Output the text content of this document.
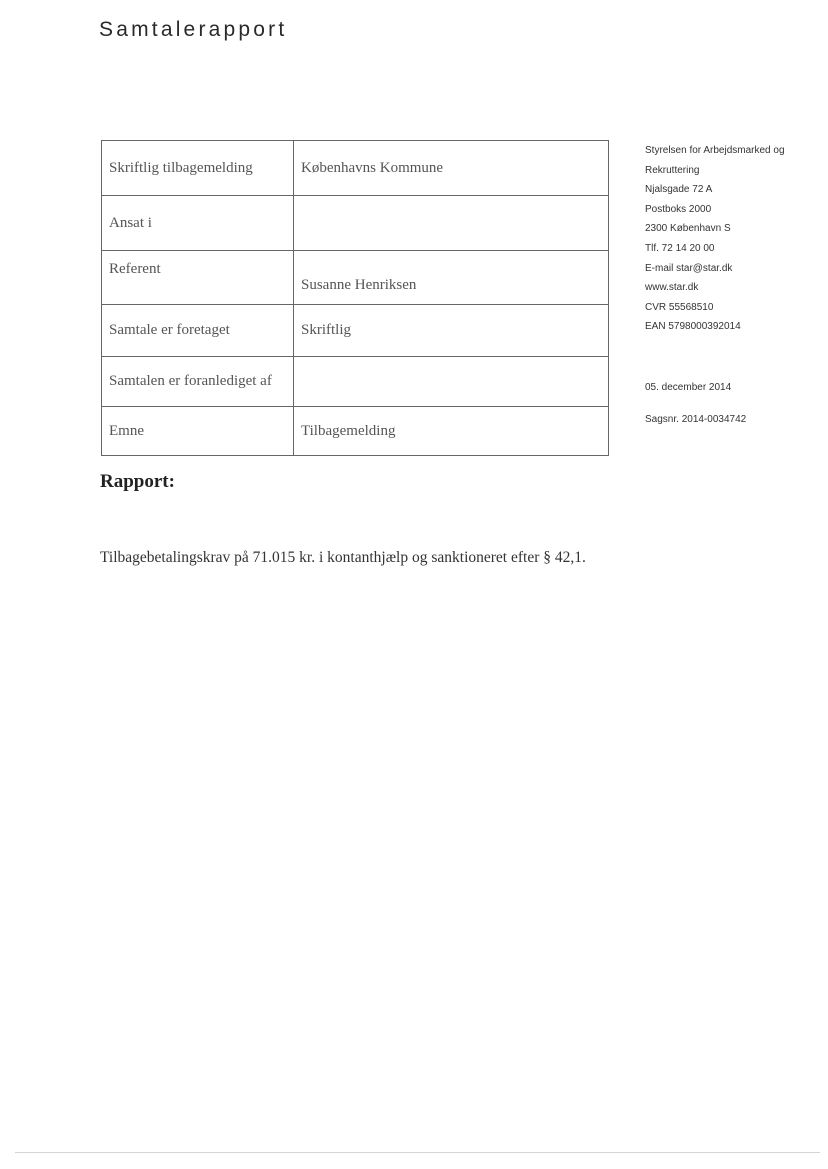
Samtalerapport
Skriftlig tilbagemelding	Københavns Kommune
Ansat i	
Referent	Susanne Henriksen
Samtale er foretaget	Skriftlig
Samtalen er foranlediget af	
Emne	Tilbagemelding
Styrelsen for Arbejdsmarked og
Rekruttering
Njalsgade 72 A
Postboks 2000
2300 København S
Tlf. 72 14 20 00
E-mail star@star.dk
www.star.dk
CVR 55568510
EAN 5798000392014
05. december 2014
Sagsnr. 2014-0034742
Rapport:
Tilbagebetalingskrav på 71.015 kr. i kontanthjælp og sanktioneret efter § 42,1.
